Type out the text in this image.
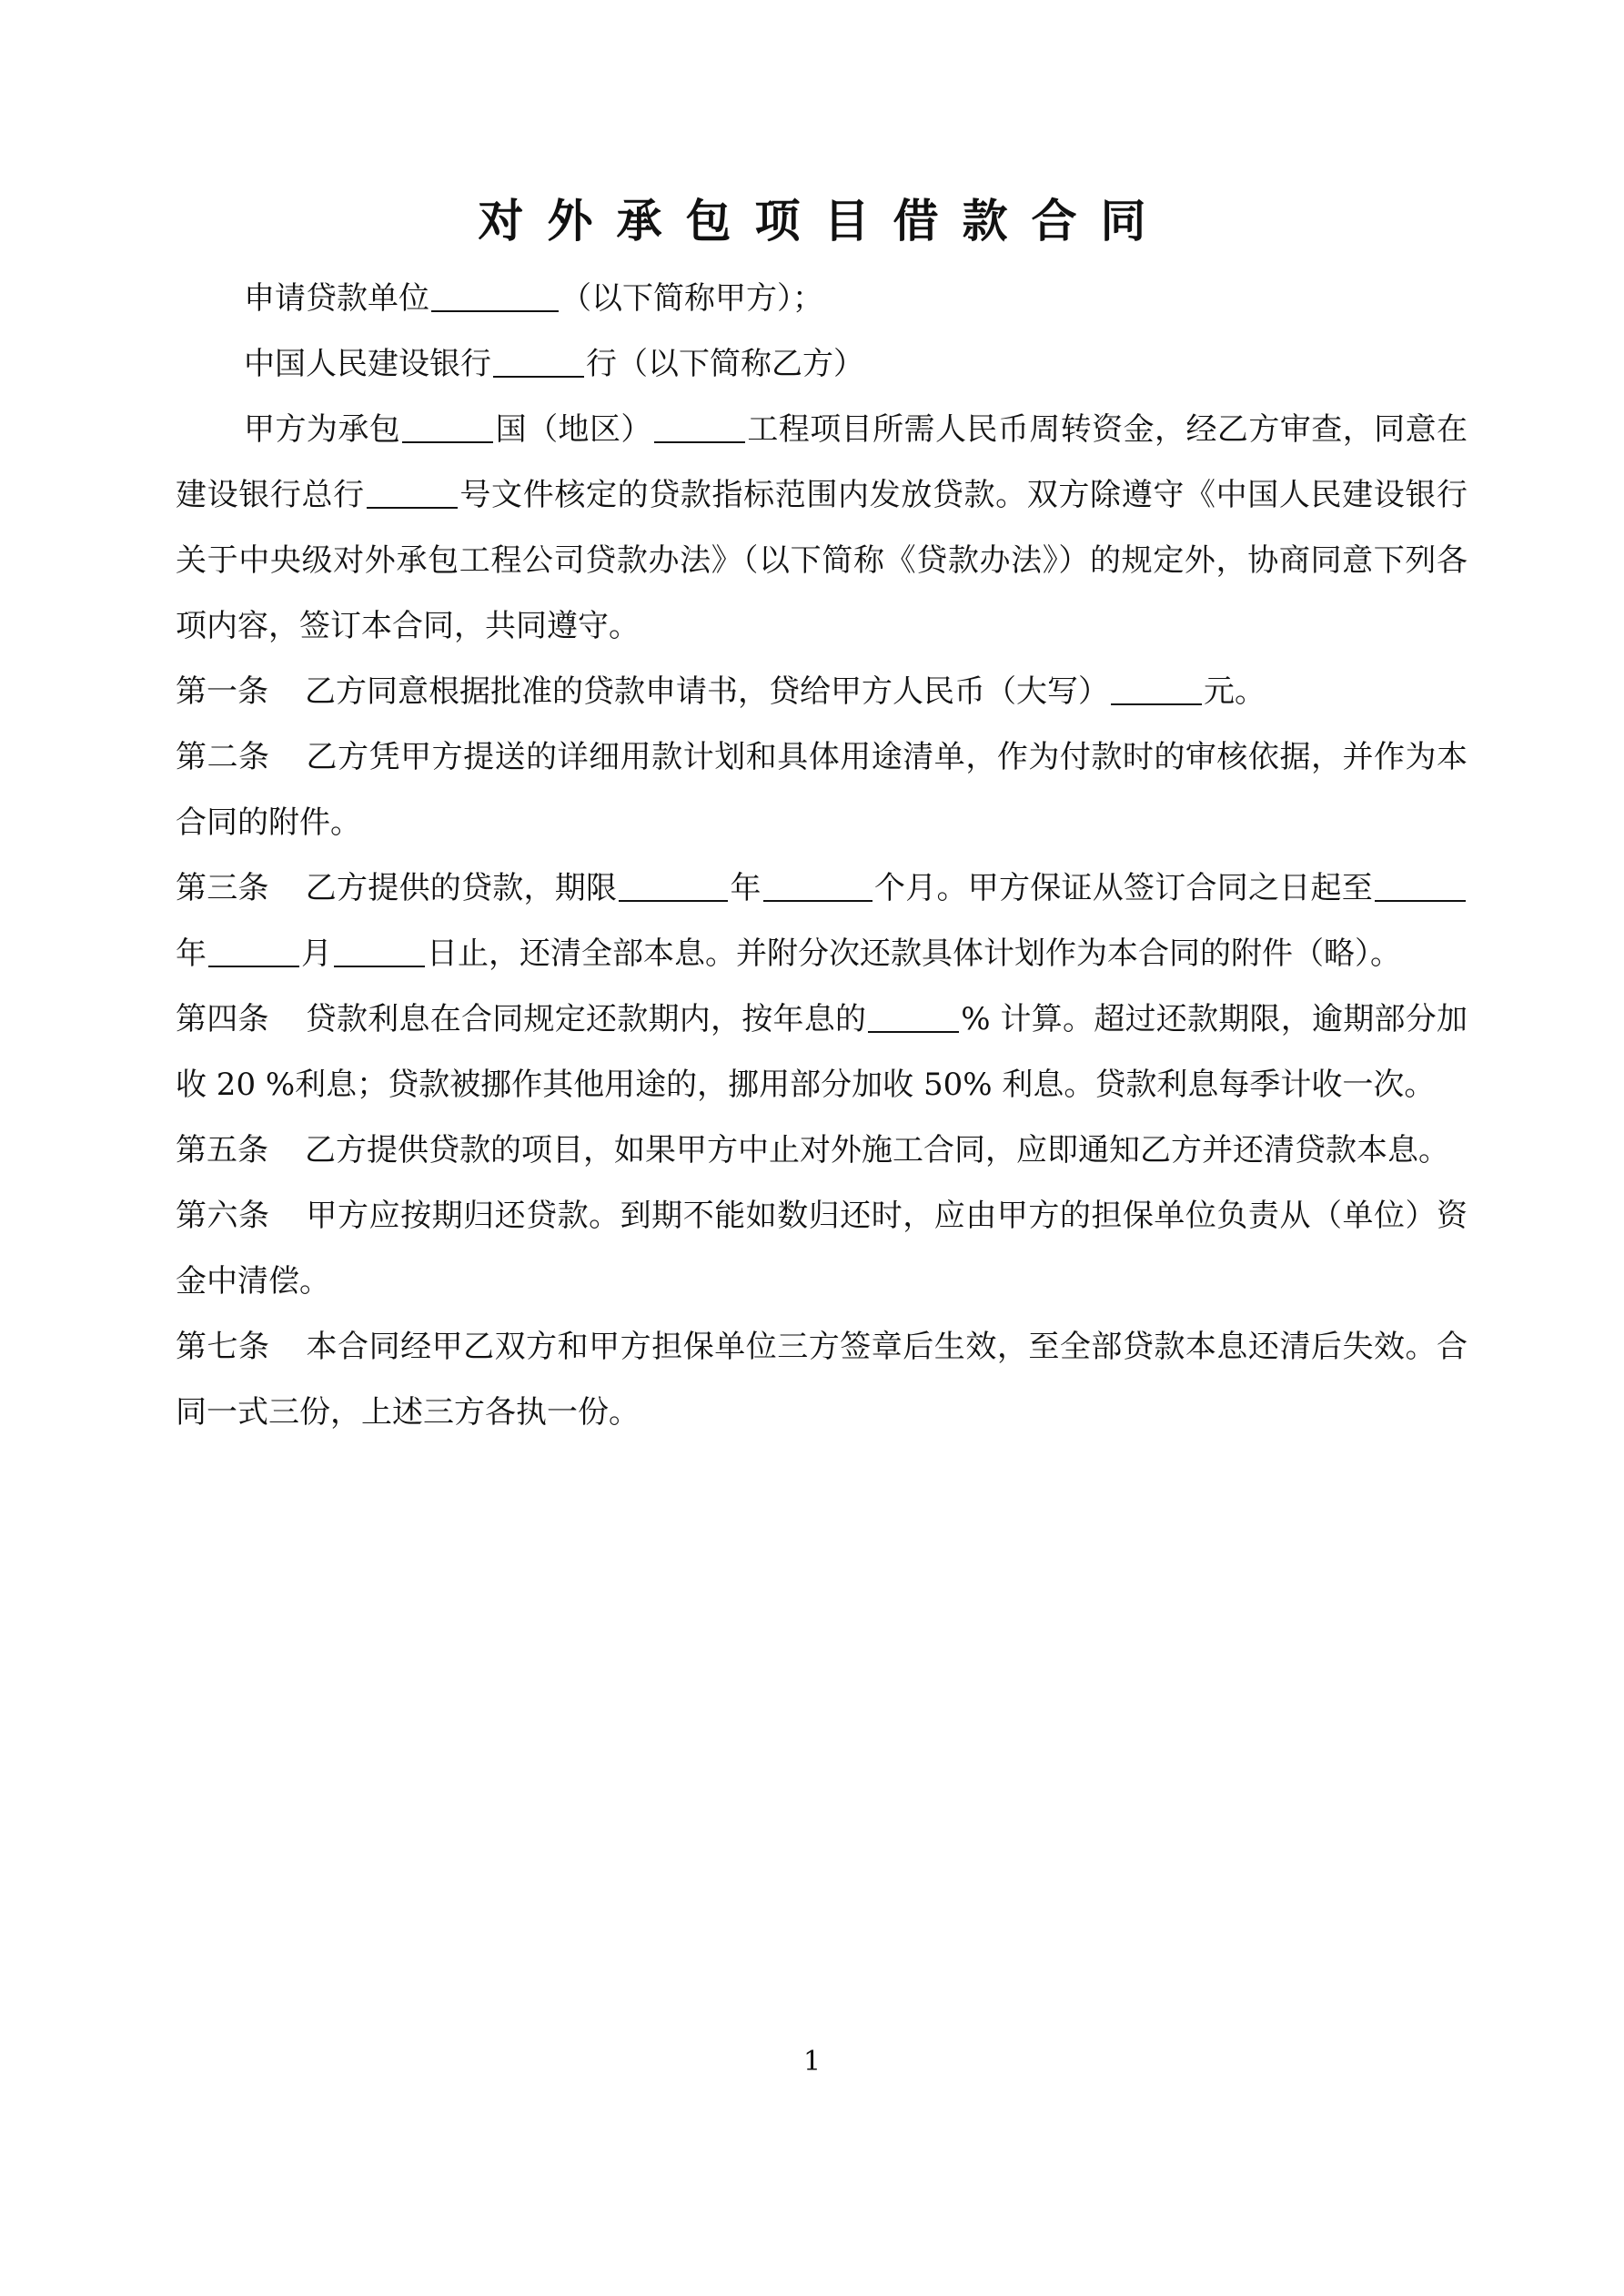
对 外 承 包 项 目 借 款 合 同

申请贷款单位	（以下简称甲方）；

中国人民建设银行	行（以下简称乙方）

甲方为承包	国（地区）	工程项目所需人民币周转资金，经乙方审查，同意在建设银行总行	号文件核定的贷款指标范围内发放贷款。双方除遵守《中国人民建设银行关于中央级对外承包工程公司贷款办法》（以下简称《贷款办法》）的规定外，协商同意下列各项内容，签订本合同，共同遵守。

第一条 乙方同意根据批准的贷款申请书，贷给甲方人民币（大写）	元。

第二条 乙方凭甲方提送的详细用款计划和具体用途清单，作为付款时的审核依据，并作为本合同的附件。

第三条 乙方提供的贷款，期限	年	个月。甲方保证从签订合同之日起至年	月	日止，还清全部本息。并附分次还款具体计划作为本合同的附件（略）。

第四条 贷款利息在合同规定还款期内，按年息的	% 计算。超过还款期限，逾期部分加收 20 %利息；贷款被挪作其他用途的，挪用部分加收 50% 利息。贷款利息每季计收一次。

第五条 乙方提供贷款的项目，如果甲方中止对外施工合同，应即通知乙方并还清贷款本息。

第六条 甲方应按期归还贷款。到期不能如数归还时，应由甲方的担保单位负责从（单位）资金中清偿。

第七条 本合同经甲乙双方和甲方担保单位三方签章后生效，至全部贷款本息还清后失效。合同一式三份，上述三方各执一份。

1
